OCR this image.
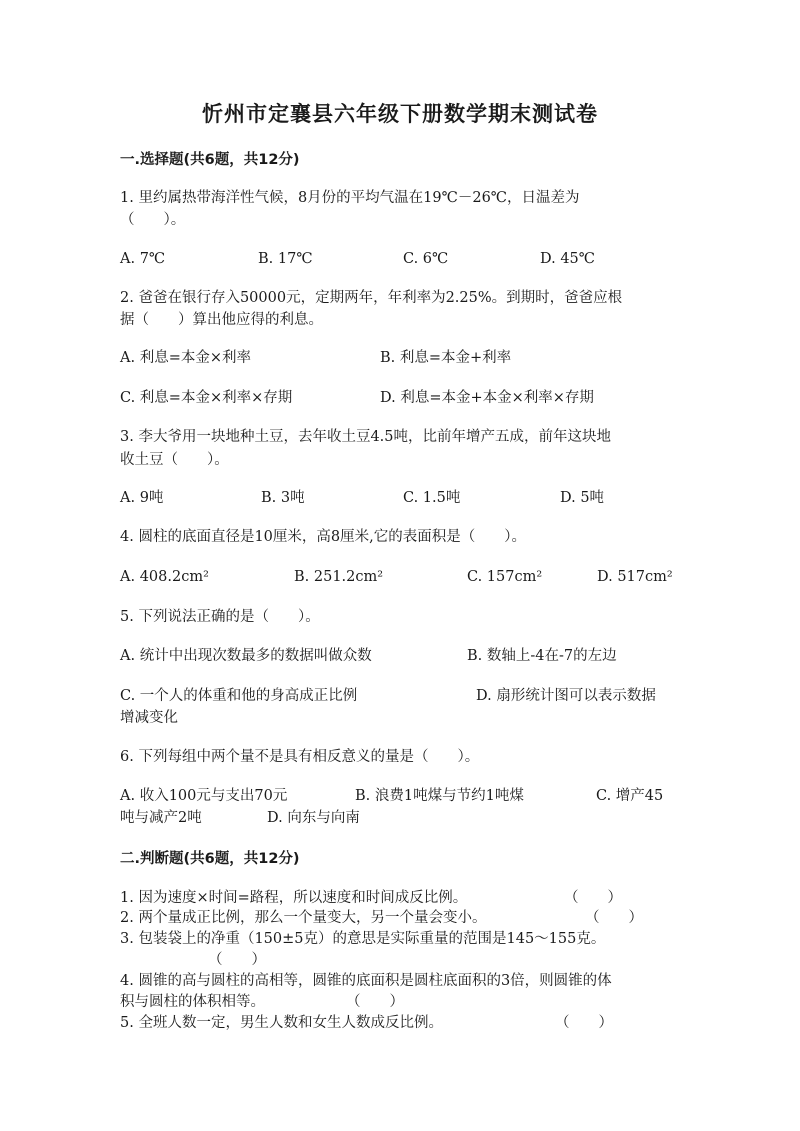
忻州市定襄县六年级下册数学期末测试卷
一.选择题(共6题，共12分)
1. 里约属热带海洋性气候，8月份的平均气温在19℃－26℃，日温差为
（　　）。
A. 7℃	B. 17℃	C. 6℃	D. 45℃
2. 爸爸在银行存入50000元，定期两年，年利率为2.25%。到期时，爸爸应根
据（　　）算出他应得的利息。
A. 利息=本金×利率	B. 利息=本金+利率
C. 利息=本金×利率×存期	D. 利息=本金+本金×利率×存期
3. 李大爷用一块地种土豆，去年收土豆4.5吨，比前年增产五成，前年这块地
收土豆（　　）。
A. 9吨	B. 3吨	C. 1.5吨	D. 5吨
4. 圆柱的底面直径是10厘米，高8厘米,它的表面积是（　　）。
A. 408.2cm²	B. 251.2cm²	C. 157cm²	D. 517cm²
5. 下列说法正确的是（　　）。
A. 统计中出现次数最多的数据叫做众数	B. 数轴上-4在-7的左边
C. 一个人的体重和他的身高成正比例	D. 扇形统计图可以表示数据
增减变化
6. 下列每组中两个量不是具有相反意义的量是（　　）。
A. 收入100元与支出70元	B. 浪费1吨煤与节约1吨煤	C. 增产45
吨与减产2吨	D. 向东与向南
二.判断题(共6题，共12分)
1. 因为速度×时间=路程，所以速度和时间成反比例。	（　　）
2. 两个量成正比例，那么一个量变大，另一个量会变小。	（　　）
3. 包装袋上的净重（150±5克）的意思是实际重量的范围是145～155克。
（　　）
4. 圆锥的高与圆柱的高相等，圆锥的底面积是圆柱底面积的3倍，则圆锥的体
积与圆柱的体积相等。	（　　）
5. 全班人数一定，男生人数和女生人数成反比例。	（　　）
